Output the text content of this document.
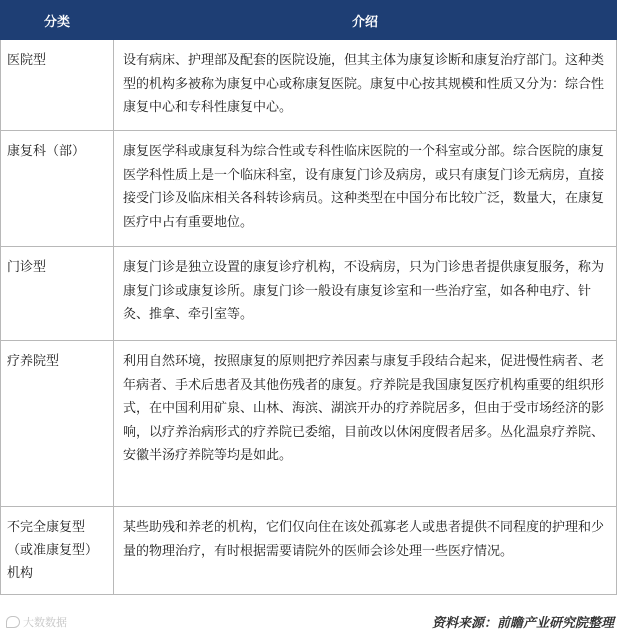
分类	介绍
医院型	设有病床、护理部及配套的医院设施，但其主体为康复诊断和康复治疗部门。这种类型的机构多被称为康复中心或称康复医院。康复中心按其规模和性质又分为：综合性康复中心和专科性康复中心。
康复科（部）	康复医学科或康复科为综合性或专科性临床医院的一个科室或分部。综合医院的康复医学科性质上是一个临床科室，设有康复门诊及病房，或只有康复门诊无病房，直接接受门诊及临床相关各科转诊病员。这种类型在中国分布比较广泛，数量大，在康复医疗中占有重要地位。
门诊型	康复门诊是独立设置的康复诊疗机构，不设病房，只为门诊患者提供康复服务，称为康复门诊或康复诊所。康复门诊一般设有康复诊室和一些治疗室，如各种电疗、针灸、推拿、牵引室等。
疗养院型	利用自然环境，按照康复的原则把疗养因素与康复手段结合起来，促进慢性病者、老年病者、手术后患者及其他伤残者的康复。疗养院是我国康复医疗机构重要的组织形式，在中国利用矿泉、山林、海滨、湖滨开办的疗养院居多，但由于受市场经济的影响，以疗养治病形式的疗养院已委缩，目前改以休闲度假者居多。丛化温泉疗养院、安徽半汤疗养院等均是如此。
不完全康复型（或准康复型）机构	某些助残和养老的机构，它们仅向住在该处孤寡老人或患者提供不同程度的护理和少量的物理治疗，有时根据需要请院外的医师会诊处理一些医疗情况。
大数数据	资料来源：前瞻产业研究院整理
